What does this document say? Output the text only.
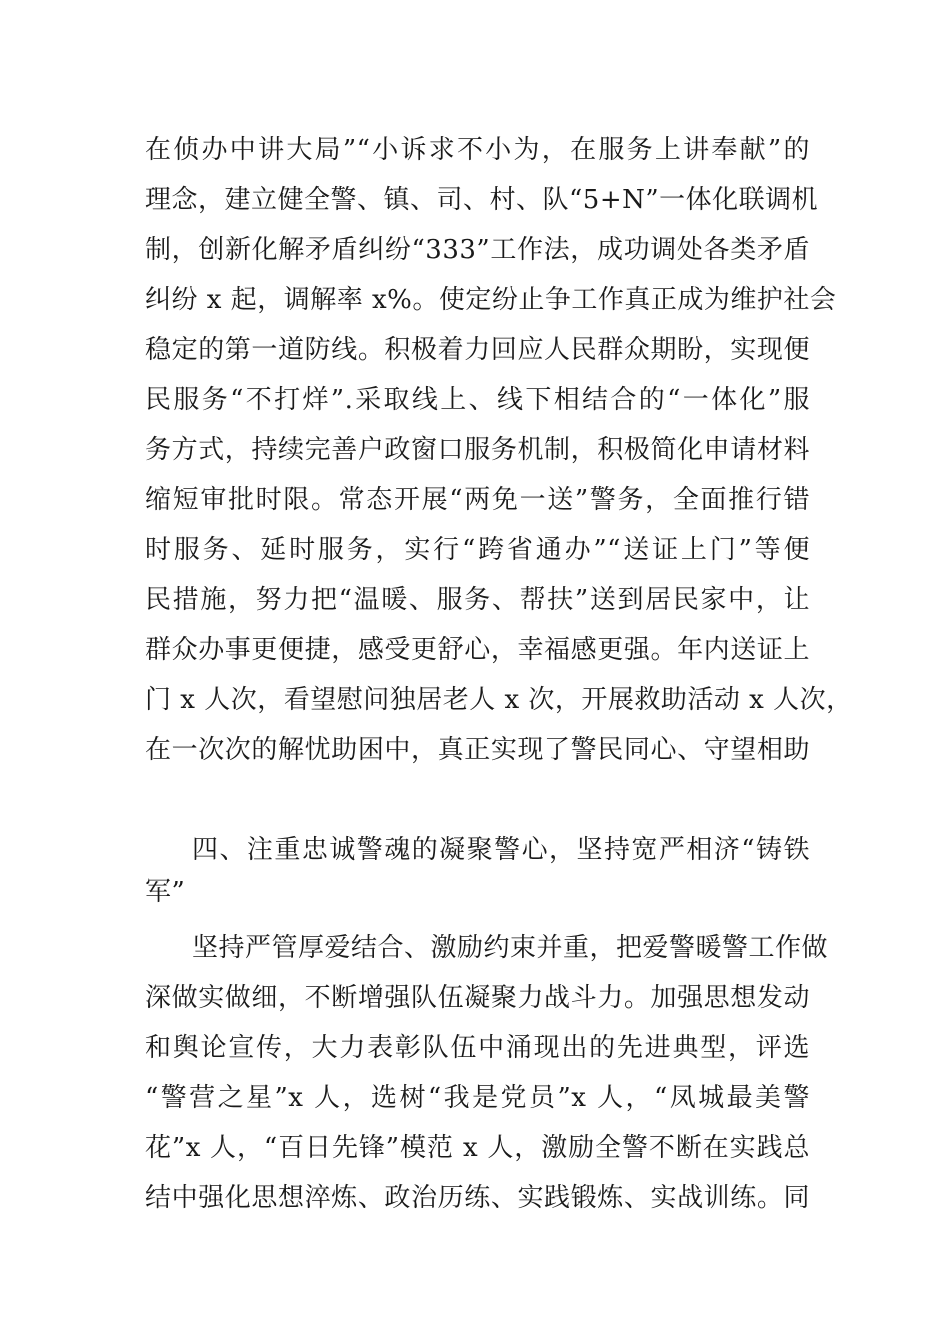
在侦办中讲大局”“小诉求不小为，在服务上讲奉献”的
理念，建立健全警、镇、司、村、队“5+N”一体化联调机
制，创新化解矛盾纠纷“333”工作法，成功调处各类矛盾
纠纷 x 起，调解率 x%。使定纷止争工作真正成为维护社会
稳定的第一道防线。积极着力回应人民群众期盼，实现便
民服务“不打烊”.采取线上、线下相结合的“一体化”服
务方式，持续完善户政窗口服务机制，积极简化申请材料
缩短审批时限。常态开展“两免一送”警务，全面推行错
时服务、延时服务，实行“跨省通办”“送证上门”等便
民措施，努力把“温暖、服务、帮扶”送到居民家中，让
群众办事更便捷，感受更舒心，幸福感更强。年内送证上
门 x 人次，看望慰问独居老人 x 次，开展救助活动 x 人次，
在一次次的解忧助困中，真正实现了警民同心、守望相助
四、注重忠诚警魂的凝聚警心，坚持宽严相济“铸铁
军”
坚持严管厚爱结合、激励约束并重，把爱警暖警工作做
深做实做细，不断增强队伍凝聚力战斗力。加强思想发动
和舆论宣传，大力表彰队伍中涌现出的先进典型，评选
“警营之星”x 人，选树“我是党员”x 人，“凤城最美警
花”x 人，“百日先锋”模范 x 人，激励全警不断在实践总
结中强化思想淬炼、政治历练、实践锻炼、实战训练。同
